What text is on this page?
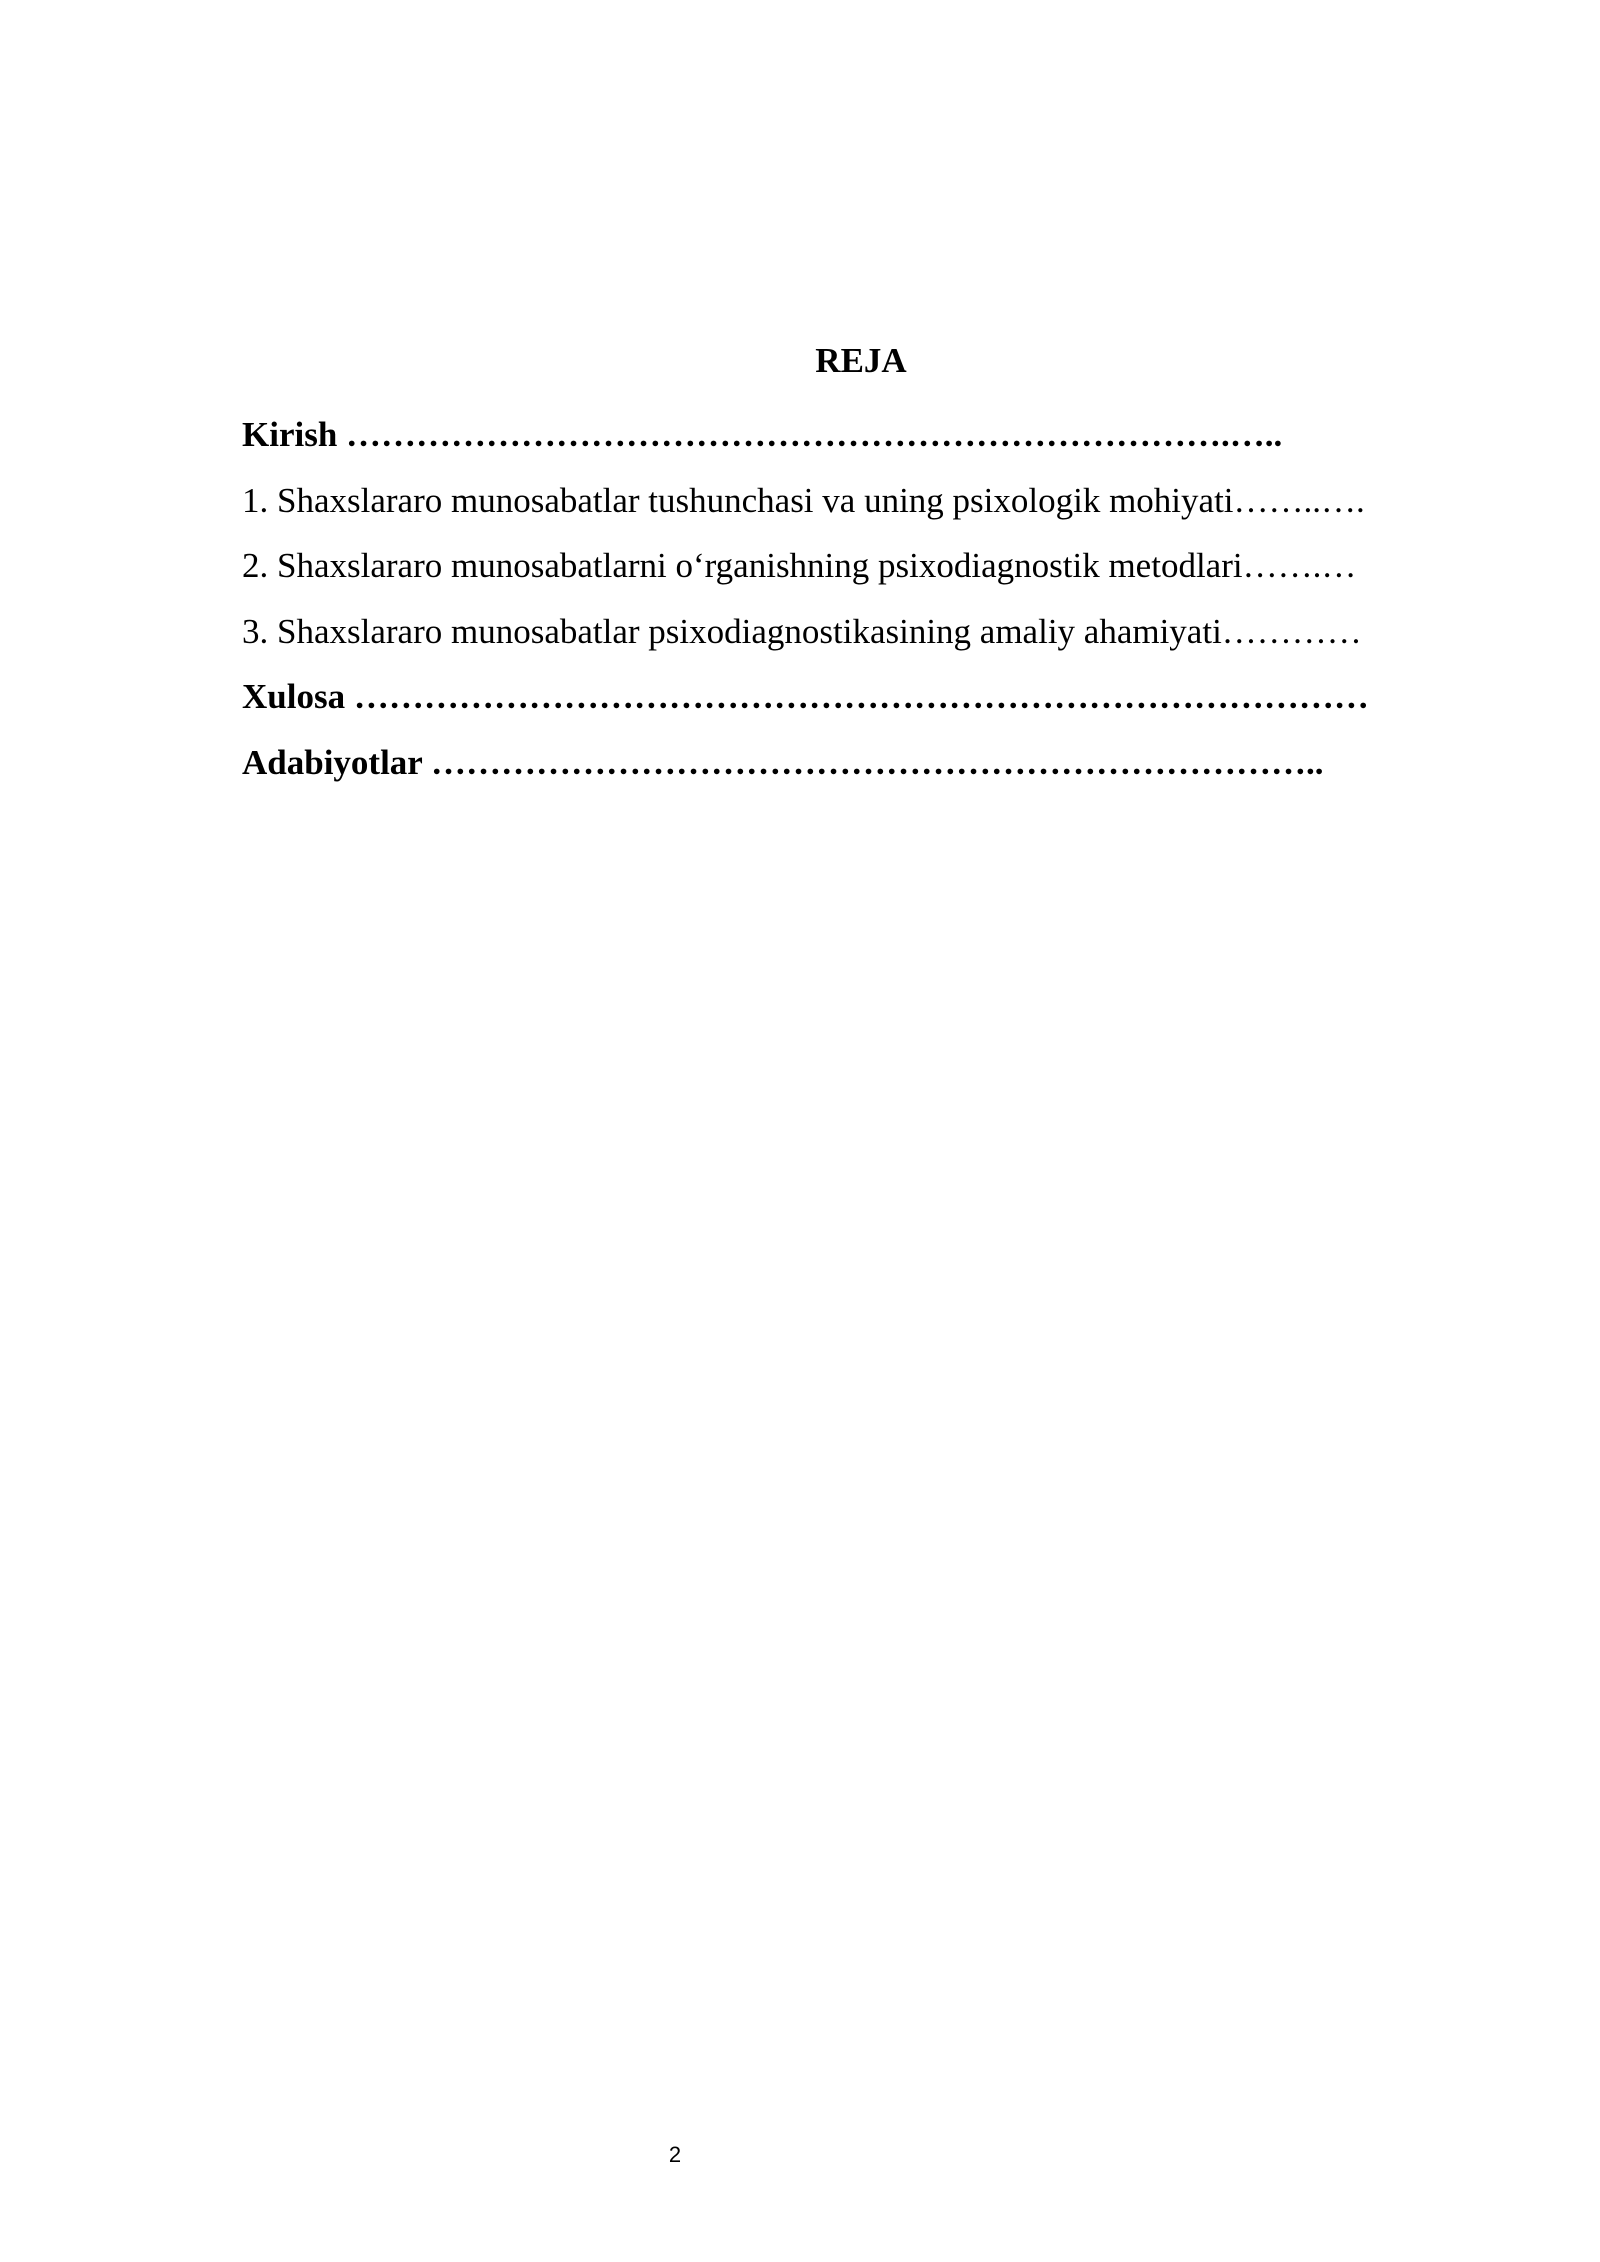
REJA
Kirish ………………………………………………………………….…..
1. Shaxslararo munosabatlar tushunchasi va uning psixologik mohiyati……..….
2. Shaxslararo munosabatlarni o‘rganishning psixodiagnostik metodlari…….…
3. Shaxslararo munosabatlar psixodiagnostikasining amaliy ahamiyati…………
Xulosa ……………………………………………………………………………
Adabiyotlar …………………………………………………………………..
2
